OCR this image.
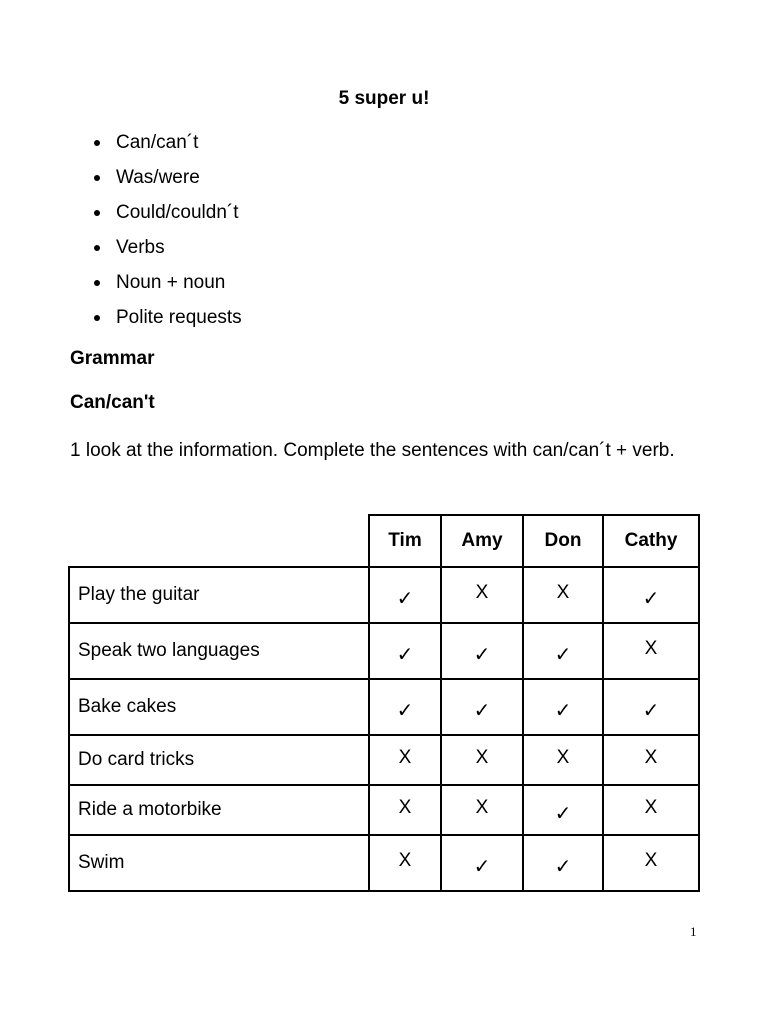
5 super u!
Can/can´t
Was/were
Could/couldn´t
Verbs
Noun + noun
Polite requests
Grammar
Can/can't

1 look at the information. Complete the sentences with can/can´t + verb.

	Tim	Amy	Don	Cathy
Play the guitar	✓	X	X	✓
Speak two languages	✓	✓	✓	X
Bake cakes	✓	✓	✓	✓
Do card tricks	X	X	X	X
Ride a motorbike	X	X	✓	X
Swim	X	✓	✓	X
1
